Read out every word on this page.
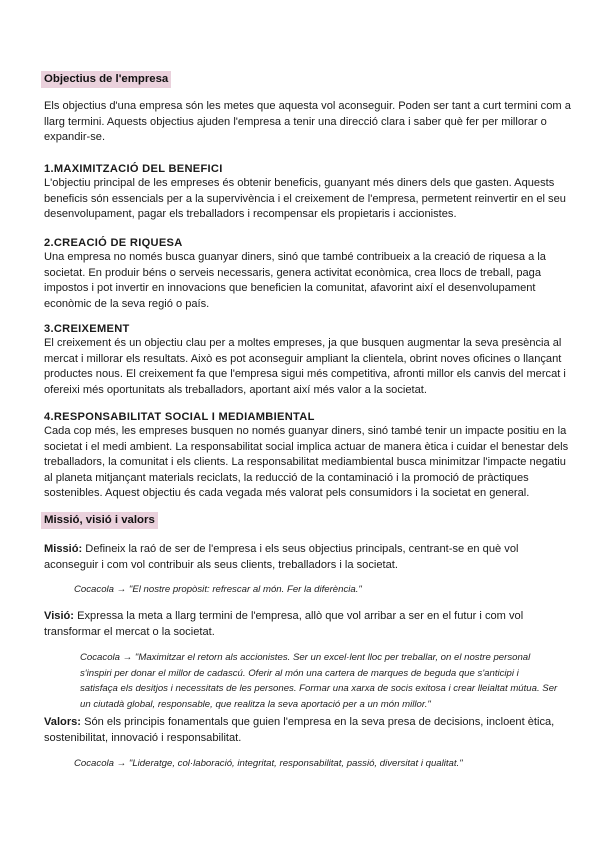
Objectius de l'empresa

Els objectius d'una empresa són les metes que aquesta vol aconseguir. Poden ser tant a curt termini com a llarg termini. Aquests objectius ajuden l'empresa a tenir una direcció clara i saber què fer per millorar o expandir-se.

1.MAXIMITZACIÓ DEL BENEFICI

L'objectiu principal de les empreses és obtenir beneficis, guanyant més diners dels que gasten. Aquests beneficis són essencials per a la supervivència i el creixement de l'empresa, permetent reinvertir en el seu desenvolupament, pagar els treballadors i recompensar els propietaris i accionistes.

2.CREACIÓ DE RIQUESA

Una empresa no només busca guanyar diners, sinó que també contribueix a la creació de riquesa a la societat. En produir béns o serveis necessaris, genera activitat econòmica, crea llocs de treball, paga impostos i pot invertir en innovacions que beneficien la comunitat, afavorint així el desenvolupament econòmic de la seva regió o país.

3.CREIXEMENT

El creixement és un objectiu clau per a moltes empreses, ja que busquen augmentar la seva presència al mercat i millorar els resultats. Això es pot aconseguir ampliant la clientela, obrint noves oficines o llançant productes nous. El creixement fa que l'empresa sigui més competitiva, afronti millor els canvis del mercat i ofereixi més oportunitats als treballadors, aportant així més valor a la societat.

4.RESPONSABILITAT SOCIAL I MEDIAMBIENTAL

Cada cop més, les empreses busquen no només guanyar diners, sinó també tenir un impacte positiu en la societat i el medi ambient. La responsabilitat social implica actuar de manera ètica i cuidar el benestar dels treballadors, la comunitat i els clients. La responsabilitat mediambiental busca minimitzar l'impacte negatiu al planeta mitjançant materials reciclats, la reducció de la contaminació i la promoció de pràctiques sostenibles. Aquest objectiu és cada vegada més valorat pels consumidors i la societat en general.

Missió, visió i valors

Missió: Defineix la raó de ser de l'empresa i els seus objectius principals, centrant-se en què vol aconseguir i com vol contribuir als seus clients, treballadors i la societat.

Cocacola → "El nostre propòsit: refrescar al món. Fer la diferència."

Visió: Expressa la meta a llarg termini de l'empresa, allò que vol arribar a ser en el futur i com vol transformar el mercat o la societat.

Cocacola → "Maximitzar el retorn als accionistes. Ser un excel·lent lloc per treballar, on el nostre personal s'inspiri per donar el millor de cadascú. Oferir al món una cartera de marques de beguda que s'anticipi i satisfaça els desitjos i necessitats de les persones. Formar una xarxa de socis exitosa i crear lleialtat mútua. Ser un ciutadà global, responsable, que realitza la seva aportació per a un món millor."

Valors: Són els principis fonamentals que guien l'empresa en la seva presa de decisions, incloent ètica, sostenibilitat, innovació i responsabilitat.

Cocacola → "Lideratge, col·laboració, integritat, responsabilitat, passió, diversitat i qualitat."
